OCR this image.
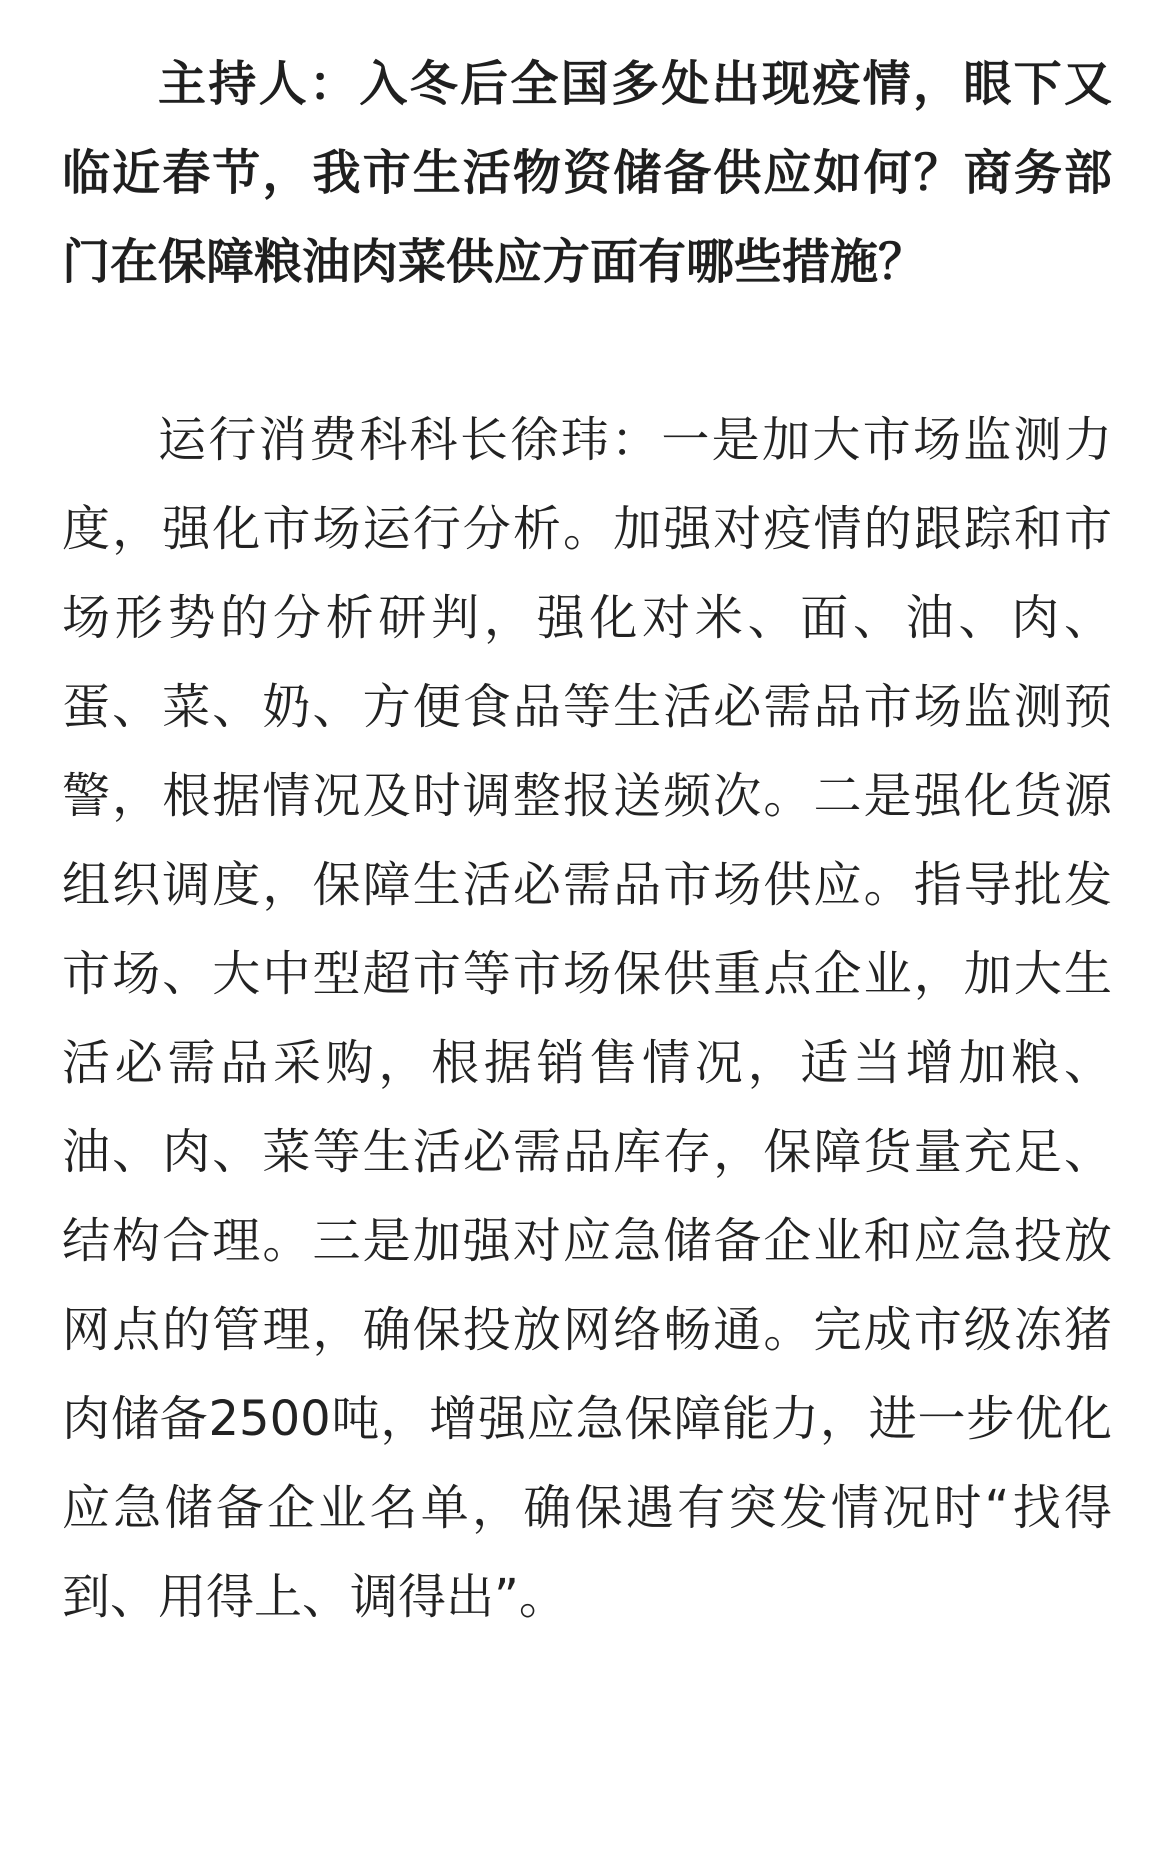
主持人：入冬后全国多处出现疫情，眼下又临近春节，我市生活物资储备供应如何？商务部门在保障粮油肉菜供应方面有哪些措施？

运行消费科科长徐玮：一是加大市场监测力度，强化市场运行分析。加强对疫情的跟踪和市场形势的分析研判，强化对米、面、油、肉、蛋、菜、奶、方便食品等生活必需品市场监测预警，根据情况及时调整报送频次。二是强化货源组织调度，保障生活必需品市场供应。指导批发市场、大中型超市等市场保供重点企业，加大生活必需品采购，根据销售情况，适当增加粮、油、肉、菜等生活必需品库存，保障货量充足、结构合理。三是加强对应急储备企业和应急投放网点的管理，确保投放网络畅通。完成市级冻猪肉储备2500吨，增强应急保障能力，进一步优化应急储备企业名单，确保遇有突发情况时“找得到、用得上、调得出”。
